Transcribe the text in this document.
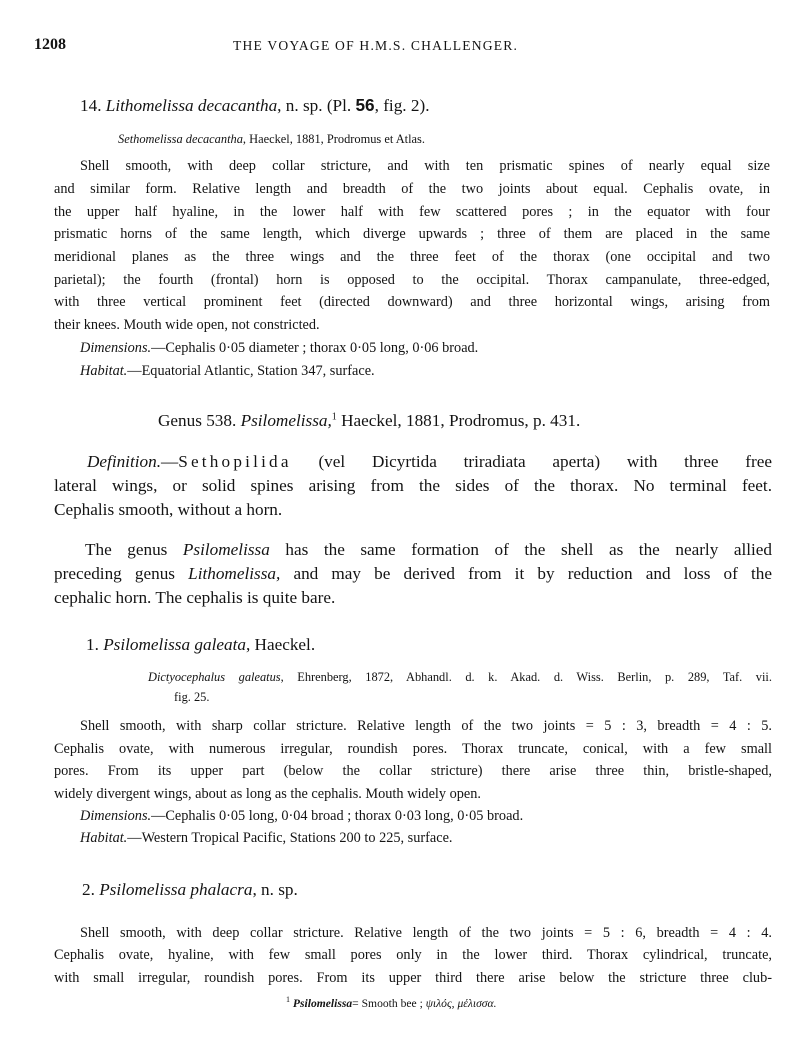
1208	THE VOYAGE OF H.M.S. CHALLENGER.
14. Lithomelissa decacantha, n. sp. (Pl. 56, fig. 2).
Sethomelissa decacantha, Haeckel, 1881, Prodromus et Atlas.
Shell smooth, with deep collar stricture, and with ten prismatic spines of nearly equal size
and similar form. Relative length and breadth of the two joints about equal. Cephalis ovate, in
the upper half hyaline, in the lower half with few scattered pores ; in the equator with four
prismatic horns of the same length, which diverge upwards ; three of them are placed in the same
meridional planes as the three wings and the three feet of the thorax (one occipital and two
parietal); the fourth (frontal) horn is opposed to the occipital. Thorax campanulate, three-edged,
with three vertical prominent feet (directed downward) and three horizontal wings, arising from
their knees. Mouth wide open, not constricted.
Dimensions.—Cephalis 0·05 diameter ; thorax 0·05 long, 0·06 broad.
Habitat.—Equatorial Atlantic, Station 347, surface.
Genus 538. Psilomelissa,$^1$ Haeckel, 1881, Prodromus, p. 431.
Definition.—Sethopilida (vel Dicyrtida triradiata aperta) with three free
lateral wings, or solid spines arising from the sides of the thorax. No terminal feet.
Cephalis smooth, without a horn.
The genus Psilomelissa has the same formation of the shell as the nearly allied
preceding genus Lithomelissa, and may be derived from it by reduction and loss of the
cephalic horn. The cephalis is quite bare.
1. Psilomelissa galeata, Haeckel.
Dictyocephalus galeatus, Ehrenberg, 1872, Abhandl. d. k. Akad. d. Wiss. Berlin, p. 289, Taf. vii.
fig. 25.
Shell smooth, with sharp collar stricture. Relative length of the two joints = 5 : 3, breadth = 4 : 5.
Cephalis ovate, with numerous irregular, roundish pores. Thorax truncate, conical, with a few small
pores. From its upper part (below the collar stricture) there arise three thin, bristle-shaped,
widely divergent wings, about as long as the cephalis. Mouth widely open.
Dimensions.—Cephalis 0·05 long, 0·04 broad ; thorax 0·03 long, 0·05 broad.
Habitat.—Western Tropical Pacific, Stations 200 to 225, surface.
2. Psilomelissa phalacra, n. sp.
Shell smooth, with deep collar stricture. Relative length of the two joints = 5 : 6, breadth = 4 : 4.
Cephalis ovate, hyaline, with few small pores only in the lower third. Thorax cylindrical, truncate,
with small irregular, roundish pores. From its upper third there arise below the stricture three club-
$^1$ Psilomelissa= Smooth bee ; ψιλός, μέλισσα.
